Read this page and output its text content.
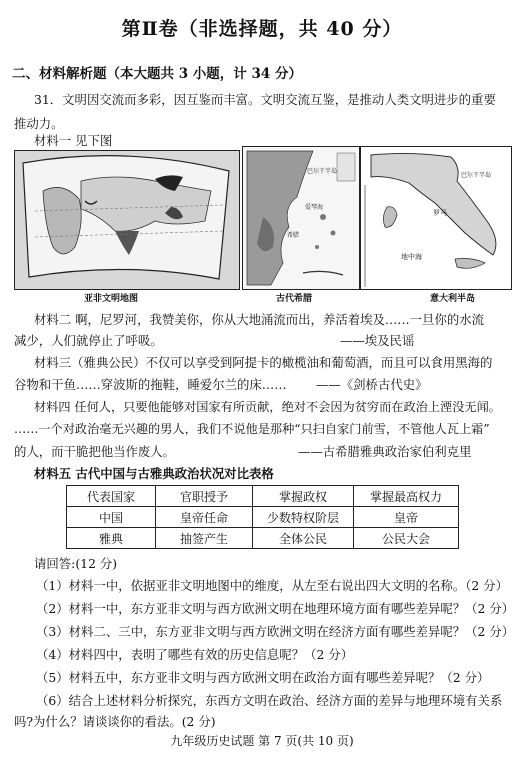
第Ⅱ卷（非选择题，共 40 分）
二、材料解析题（本大题共 3 小题，计 34 分）
31．文明因交流而多彩，因互鉴而丰富。文明交流互鉴，是推动人类文明进步的重要
推动力。
材料一 见下图
亚非文明地图
巴尔干半岛
爱琴海
希腊
古代希腊
罗马
地中海
巴尔干半岛
意大利半岛
材料二 啊，尼罗河，我赞美你，你从大地涌流而出，养活着埃及……一旦你的水流
减少，人们就停止了呼吸。	——埃及民谣
材料三（雅典公民）不仅可以享受到阿提卡的橄榄油和葡萄酒，而且可以食用黑海的
谷物和干鱼……穿波斯的拖鞋，睡爱尔兰的床…… ——《剑桥古代史》
材料四 任何人，只要他能够对国家有所贡献，绝对不会因为贫穷而在政治上湮没无闻。
……一个对政治毫无兴趣的男人，我们不说他是那种“只扫自家门前雪，不管他人瓦上霜”
的人，而干脆把他当作废人。	——古希腊雅典政治家伯利克里
材料五 古代中国与古雅典政治状况对比表格
代表国家	官职授予	掌握政权	掌握最高权力
中国	皇帝任命	少数特权阶层	皇帝
雅典	抽签产生	全体公民	公民大会
请回答:(12 分)
（1）材料一中，依据亚非文明地图中的维度，从左至右说出四大文明的名称。（2 分）
（2）材料一中，东方亚非文明与西方欧洲文明在地理环境方面有哪些差异呢？（2 分）
（3）材料二、三中，东方亚非文明与西方欧洲文明在经济方面有哪些差异呢？（2 分）
（4）材料四中，表明了哪些有效的历史信息呢？（2 分）
（5）材料五中，东方亚非文明与西方欧洲文明在政治方面有哪些差异呢？（2 分）
（6）结合上述材料分析探究，东西方文明在政治、经济方面的差异与地理环境有关系
吗?为什么？请谈谈你的看法。(2 分)
九年级历史试题 第 7 页(共 10 页)
